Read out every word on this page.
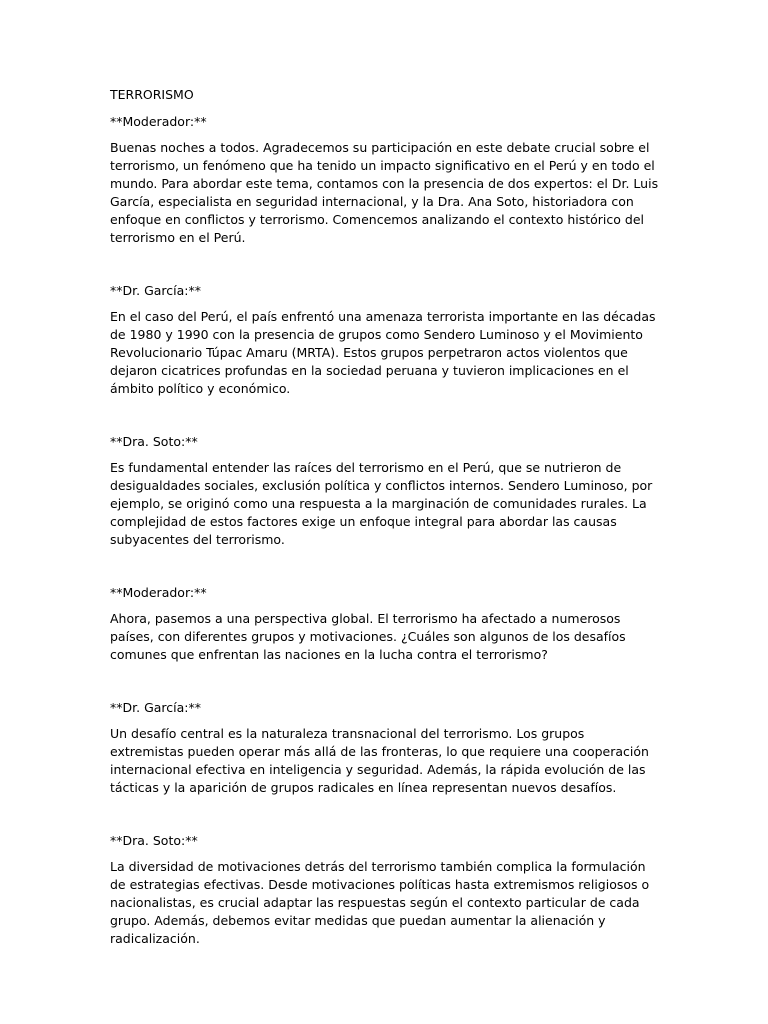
TERRORISMO
**Moderador:**

Buenas noches a todos. Agradecemos su participación en este debate crucial sobre el terrorismo, un fenómeno que ha tenido un impacto significativo en el Perú y en todo el mundo. Para abordar este tema, contamos con la presencia de dos expertos: el Dr. Luis García, especialista en seguridad internacional, y la Dra. Ana Soto, historiadora con enfoque en conflictos y terrorismo. Comencemos analizando el contexto histórico del terrorismo en el Perú.

**Dr. García:**

En el caso del Perú, el país enfrentó una amenaza terrorista importante en las décadas de 1980 y 1990 con la presencia de grupos como Sendero Luminoso y el Movimiento Revolucionario Túpac Amaru (MRTA). Estos grupos perpetraron actos violentos que dejaron cicatrices profundas en la sociedad peruana y tuvieron implicaciones en el ámbito político y económico.

**Dra. Soto:**

Es fundamental entender las raíces del terrorismo en el Perú, que se nutrieron de desigualdades sociales, exclusión política y conflictos internos. Sendero Luminoso, por ejemplo, se originó como una respuesta a la marginación de comunidades rurales. La complejidad de estos factores exige un enfoque integral para abordar las causas subyacentes del terrorismo.

**Moderador:**

Ahora, pasemos a una perspectiva global. El terrorismo ha afectado a numerosos países, con diferentes grupos y motivaciones. ¿Cuáles son algunos de los desafíos comunes que enfrentan las naciones en la lucha contra el terrorismo?

**Dr. García:**

Un desafío central es la naturaleza transnacional del terrorismo. Los grupos extremistas pueden operar más allá de las fronteras, lo que requiere una cooperación internacional efectiva en inteligencia y seguridad. Además, la rápida evolución de las tácticas y la aparición de grupos radicales en línea representan nuevos desafíos.

**Dra. Soto:**

La diversidad de motivaciones detrás del terrorismo también complica la formulación de estrategias efectivas. Desde motivaciones políticas hasta extremismos religiosos o nacionalistas, es crucial adaptar las respuestas según el contexto particular de cada grupo. Además, debemos evitar medidas que puedan aumentar la alienación y radicalización.
